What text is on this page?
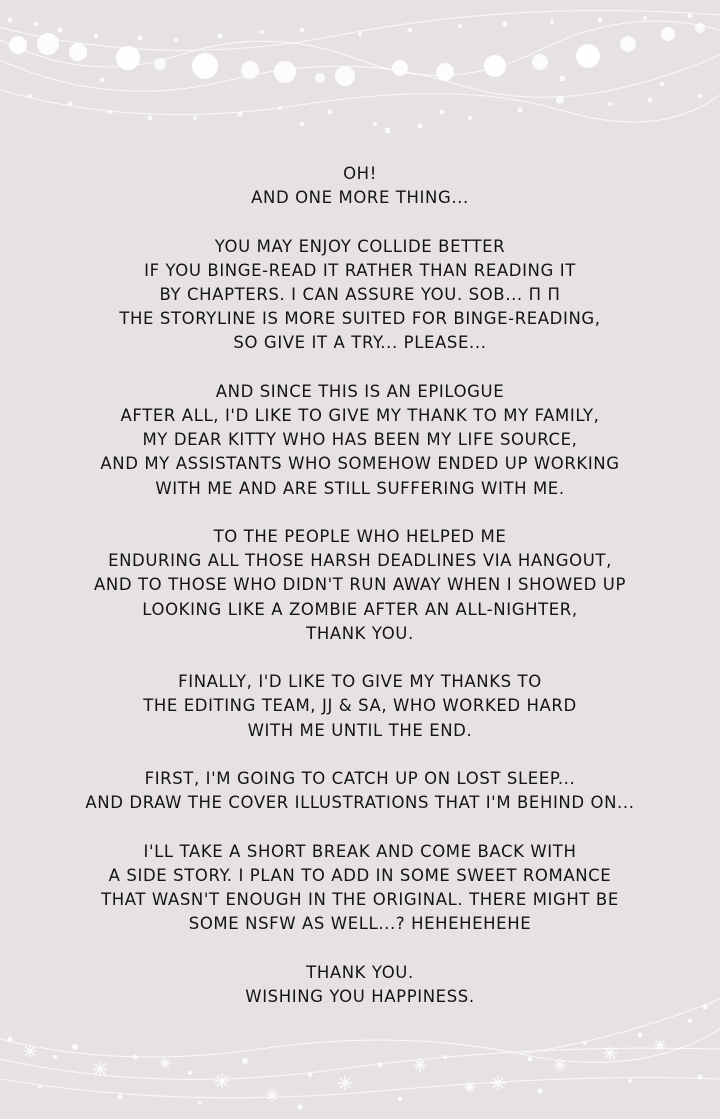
OH!
AND ONE MORE THING...
YOU MAY ENJOY COLLIDE BETTER
IF YOU BINGE-READ IT RATHER THAN READING IT
BY CHAPTERS. I CAN ASSURE YOU. SOB... Π Π
THE STORYLINE IS MORE SUITED FOR BINGE-READING,
SO GIVE IT A TRY... PLEASE...
AND SINCE THIS IS AN EPILOGUE
AFTER ALL, I'D LIKE TO GIVE MY THANK TO MY FAMILY,
MY DEAR KITTY WHO HAS BEEN MY LIFE SOURCE,
AND MY ASSISTANTS WHO SOMEHOW ENDED UP WORKING
WITH ME AND ARE STILL SUFFERING WITH ME.
TO THE PEOPLE WHO HELPED ME
ENDURING ALL THOSE HARSH DEADLINES VIA HANGOUT,
AND TO THOSE WHO DIDN'T RUN AWAY WHEN I SHOWED UP
LOOKING LIKE A ZOMBIE AFTER AN ALL-NIGHTER,
THANK YOU.
FINALLY, I'D LIKE TO GIVE MY THANKS TO
THE EDITING TEAM, JJ & SA, WHO WORKED HARD
WITH ME UNTIL THE END.
FIRST, I'M GOING TO CATCH UP ON LOST SLEEP...
AND DRAW THE COVER ILLUSTRATIONS THAT I'M BEHIND ON...
I'LL TAKE A SHORT BREAK AND COME BACK WITH
A SIDE STORY. I PLAN TO ADD IN SOME SWEET ROMANCE
THAT WASN'T ENOUGH IN THE ORIGINAL. THERE MIGHT BE
SOME NSFW AS WELL...? HEHEHEHEHE
THANK YOU.
WISHING YOU HAPPINESS.
